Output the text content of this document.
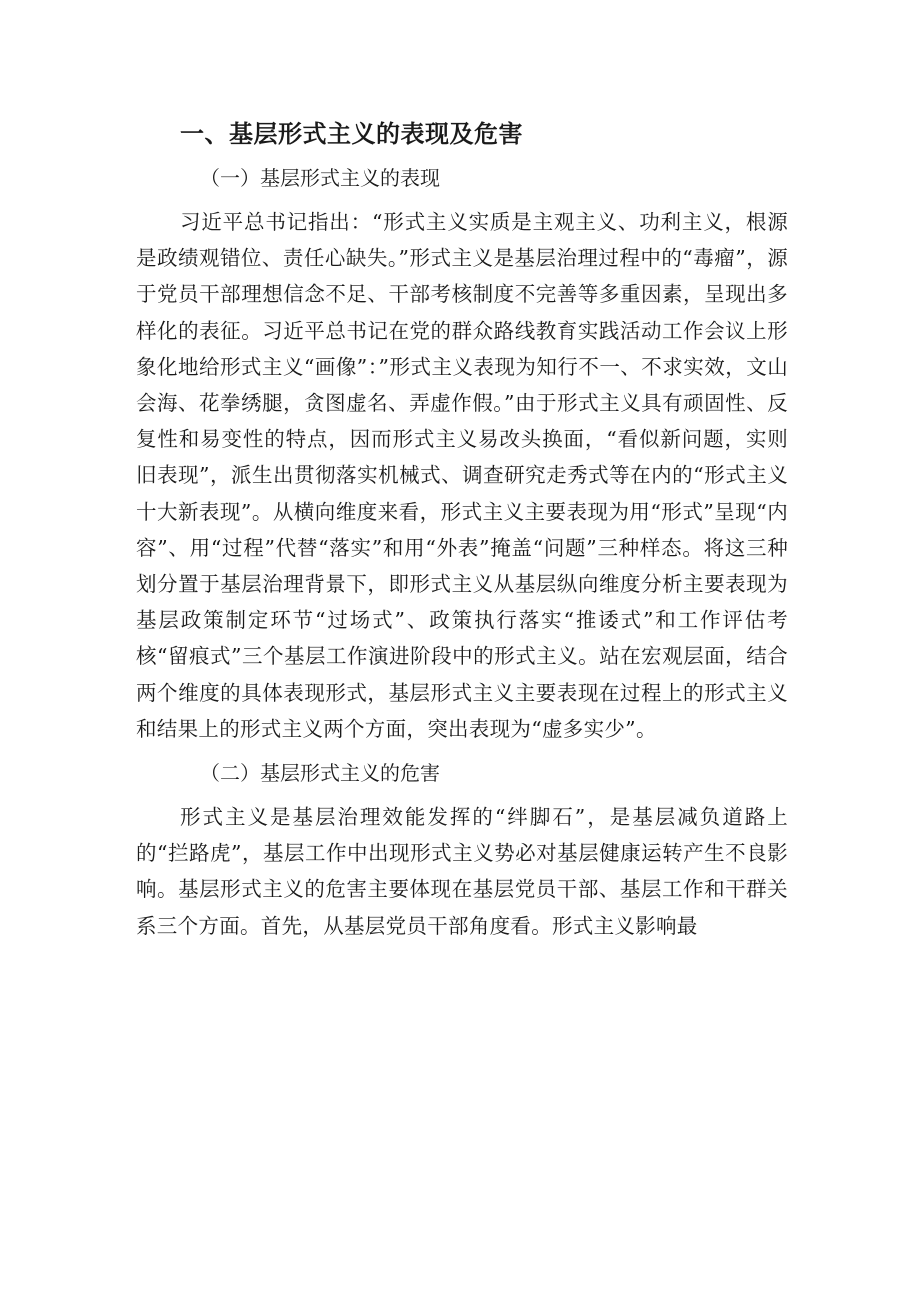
一、基层形式主义的表现及危害
（一）基层形式主义的表现

习近平总书记指出：“形式主义实质是主观主义、功利主义，根源是政绩观错位、责任心缺失。”形式主义是基层治理过程中的“毒瘤”，源于党员干部理想信念不足、干部考核制度不完善等多重因素，呈现出多样化的表征。习近平总书记在党的群众路线教育实践活动工作会议上形象化地给形式主义“画像”：”形式主义表现为知行不一、不求实效，文山会海、花拳绣腿，贪图虚名、弄虚作假。”由于形式主义具有顽固性、反复性和易变性的特点，因而形式主义易改头换面，“看似新问题，实则旧表现”，派生出贯彻落实机械式、调查研究走秀式等在内的“形式主义十大新表现”。从横向维度来看，形式主义主要表现为用“形式”呈现“内容”、用“过程”代替“落实”和用“外表”掩盖“问题”三种样态。将这三种划分置于基层治理背景下，即形式主义从基层纵向维度分析主要表现为基层政策制定环节“过场式”、政策执行落实“推诿式”和工作评估考核“留痕式”三个基层工作演进阶段中的形式主义。站在宏观层面，结合两个维度的具体表现形式，基层形式主义主要表现在过程上的形式主义和结果上的形式主义两个方面，突出表现为“虚多实少”。

（二）基层形式主义的危害

形式主义是基层治理效能发挥的“绊脚石”，是基层减负道路上的“拦路虎”，基层工作中出现形式主义势必对基层健康运转产生不良影响。基层形式主义的危害主要体现在基层党员干部、基层工作和干群关系三个方面。首先，从基层党员干部角度看。形式主义影响最
